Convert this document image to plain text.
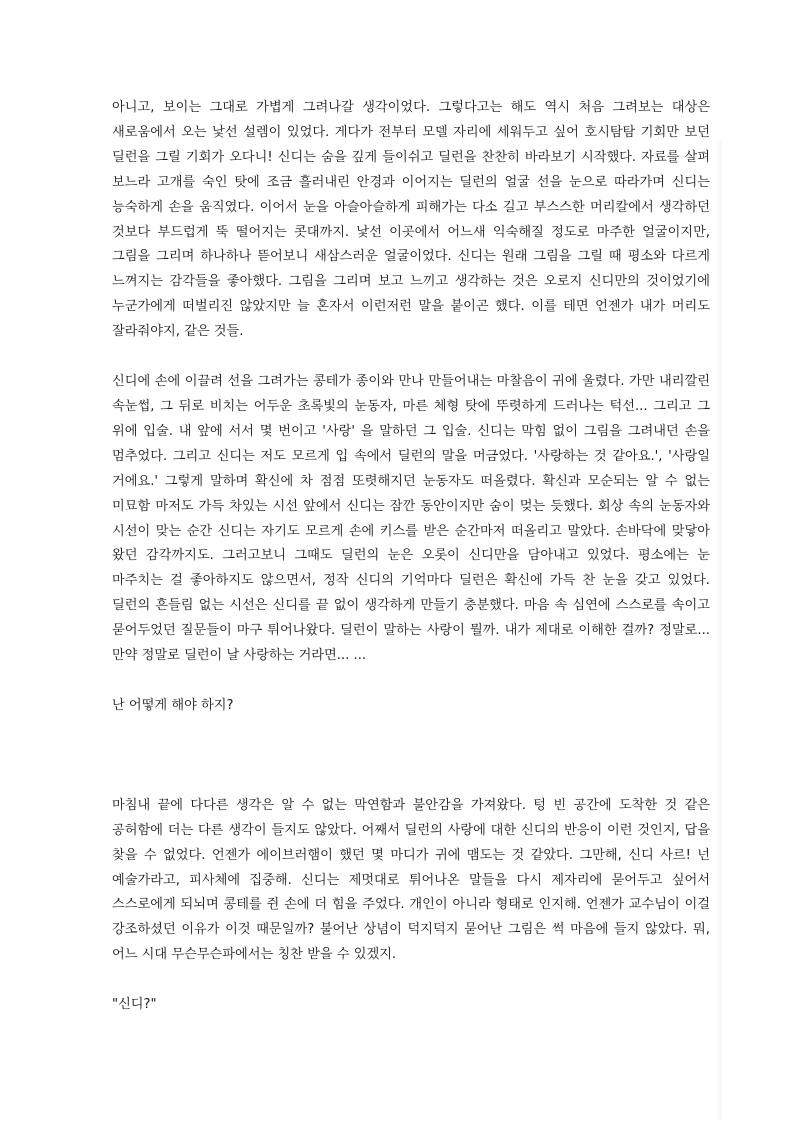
아니고, 보이는 그대로 가볍게 그려나갈 생각이었다. 그렇다고는 해도 역시 처음 그려보는 대상은 새로움에서 오는 낯선 설렘이 있었다. 게다가 전부터 모델 자리에 세워두고 싶어 호시탐탐 기회만 보던 딜런을 그릴 기회가 오다니! 신디는 숨을 깊게 들이쉬고 딜런을 찬찬히 바라보기 시작했다. 자료를 살펴 보느라 고개를 숙인 탓에 조금 흘러내린 안경과 이어지는 딜런의 얼굴 선을 눈으로 따라가며 신디는 능숙하게 손을 움직였다. 이어서 눈을 아슬아슬하게 피해가는 다소 길고 부스스한 머리칼에서 생각하던 것보다 부드럽게 뚝 떨어지는 콧대까지. 낯선 이곳에서 어느새 익숙해질 정도로 마주한 얼굴이지만, 그림을 그리며 하나하나 뜯어보니 새삼스러운 얼굴이었다. 신디는 원래 그림을 그릴 때 평소와 다르게 느껴지는 감각들을 좋아했다. 그림을 그리며 보고 느끼고 생각하는 것은 오로지 신디만의 것이었기에 누군가에게 떠벌리진 않았지만 늘 혼자서 이런저런 말을 붙이곤 했다. 이를 테면 언젠가 내가 머리도 잘라줘야지, 같은 것들.

신디에 손에 이끌려 선을 그려가는 콩테가 종이와 만나 만들어내는 마찰음이 귀에 울렸다. 가만 내리깔린 속눈썹, 그 뒤로 비치는 어두운 초록빛의 눈동자, 마른 체형 탓에 뚜렷하게 드러나는 턱선... 그리고 그 위에 입술. 내 앞에 서서 몇 번이고 '사랑' 을 말하던 그 입술. 신디는 막힘 없이 그림을 그려내던 손을 멈추었다. 그리고 신디는 저도 모르게 입 속에서 딜런의 말을 머금었다. '사랑하는 것 같아요.', '사랑일 거에요.' 그렇게 말하며 확신에 차 점점 또렷해지던 눈동자도 떠올렸다. 확신과 모순되는 알 수 없는 미묘함 마저도 가득 차있는 시선 앞에서 신디는 잠깐 동안이지만 숨이 멎는 듯했다. 회상 속의 눈동자와 시선이 맞는 순간 신디는 자기도 모르게 손에 키스를 받은 순간마저 떠올리고 말았다. 손바닥에 맞닿아 왔던 감각까지도. 그러고보니 그때도 딜런의 눈은 오롯이 신디만을 담아내고 있었다. 평소에는 눈 마주치는 걸 좋아하지도 않으면서, 정작 신디의 기억마다 딜런은 확신에 가득 찬 눈을 갖고 있었다. 딜런의 흔들림 없는 시선은 신디를 끝 없이 생각하게 만들기 충분했다. 마음 속 심연에 스스로를 속이고 묻어두었던 질문들이 마구 튀어나왔다. 딜런이 말하는 사랑이 뭘까. 내가 제대로 이해한 걸까? 정말로... 만약 정말로 딜런이 날 사랑하는 거라면... ...

난 어떻게 해야 하지?

마침내 끝에 다다른 생각은 알 수 없는 막연함과 불안감을 가져왔다. 텅 빈 공간에 도착한 것 같은 공허함에 더는 다른 생각이 들지도 않았다. 어째서 딜런의 사랑에 대한 신디의 반응이 이런 것인지, 답을 찾을 수 없었다. 언젠가 에이브러햄이 했던 몇 마디가 귀에 맴도는 것 같았다. 그만해, 신디 사르! 넌 예술가라고, 피사체에 집중해. 신디는 제멋대로 튀어나온 말들을 다시 제자리에 묻어두고 싶어서 스스로에게 되뇌며 콩테를 쥔 손에 더 힘을 주었다. 개인이 아니라 형태로 인지해. 언젠가 교수님이 이걸 강조하셨던 이유가 이것 때문일까? 불어난 상념이 덕지덕지 묻어난 그림은 썩 마음에 들지 않았다. 뭐, 어느 시대 무슨무슨파에서는 칭찬 받을 수 있겠지.

"신디?"
